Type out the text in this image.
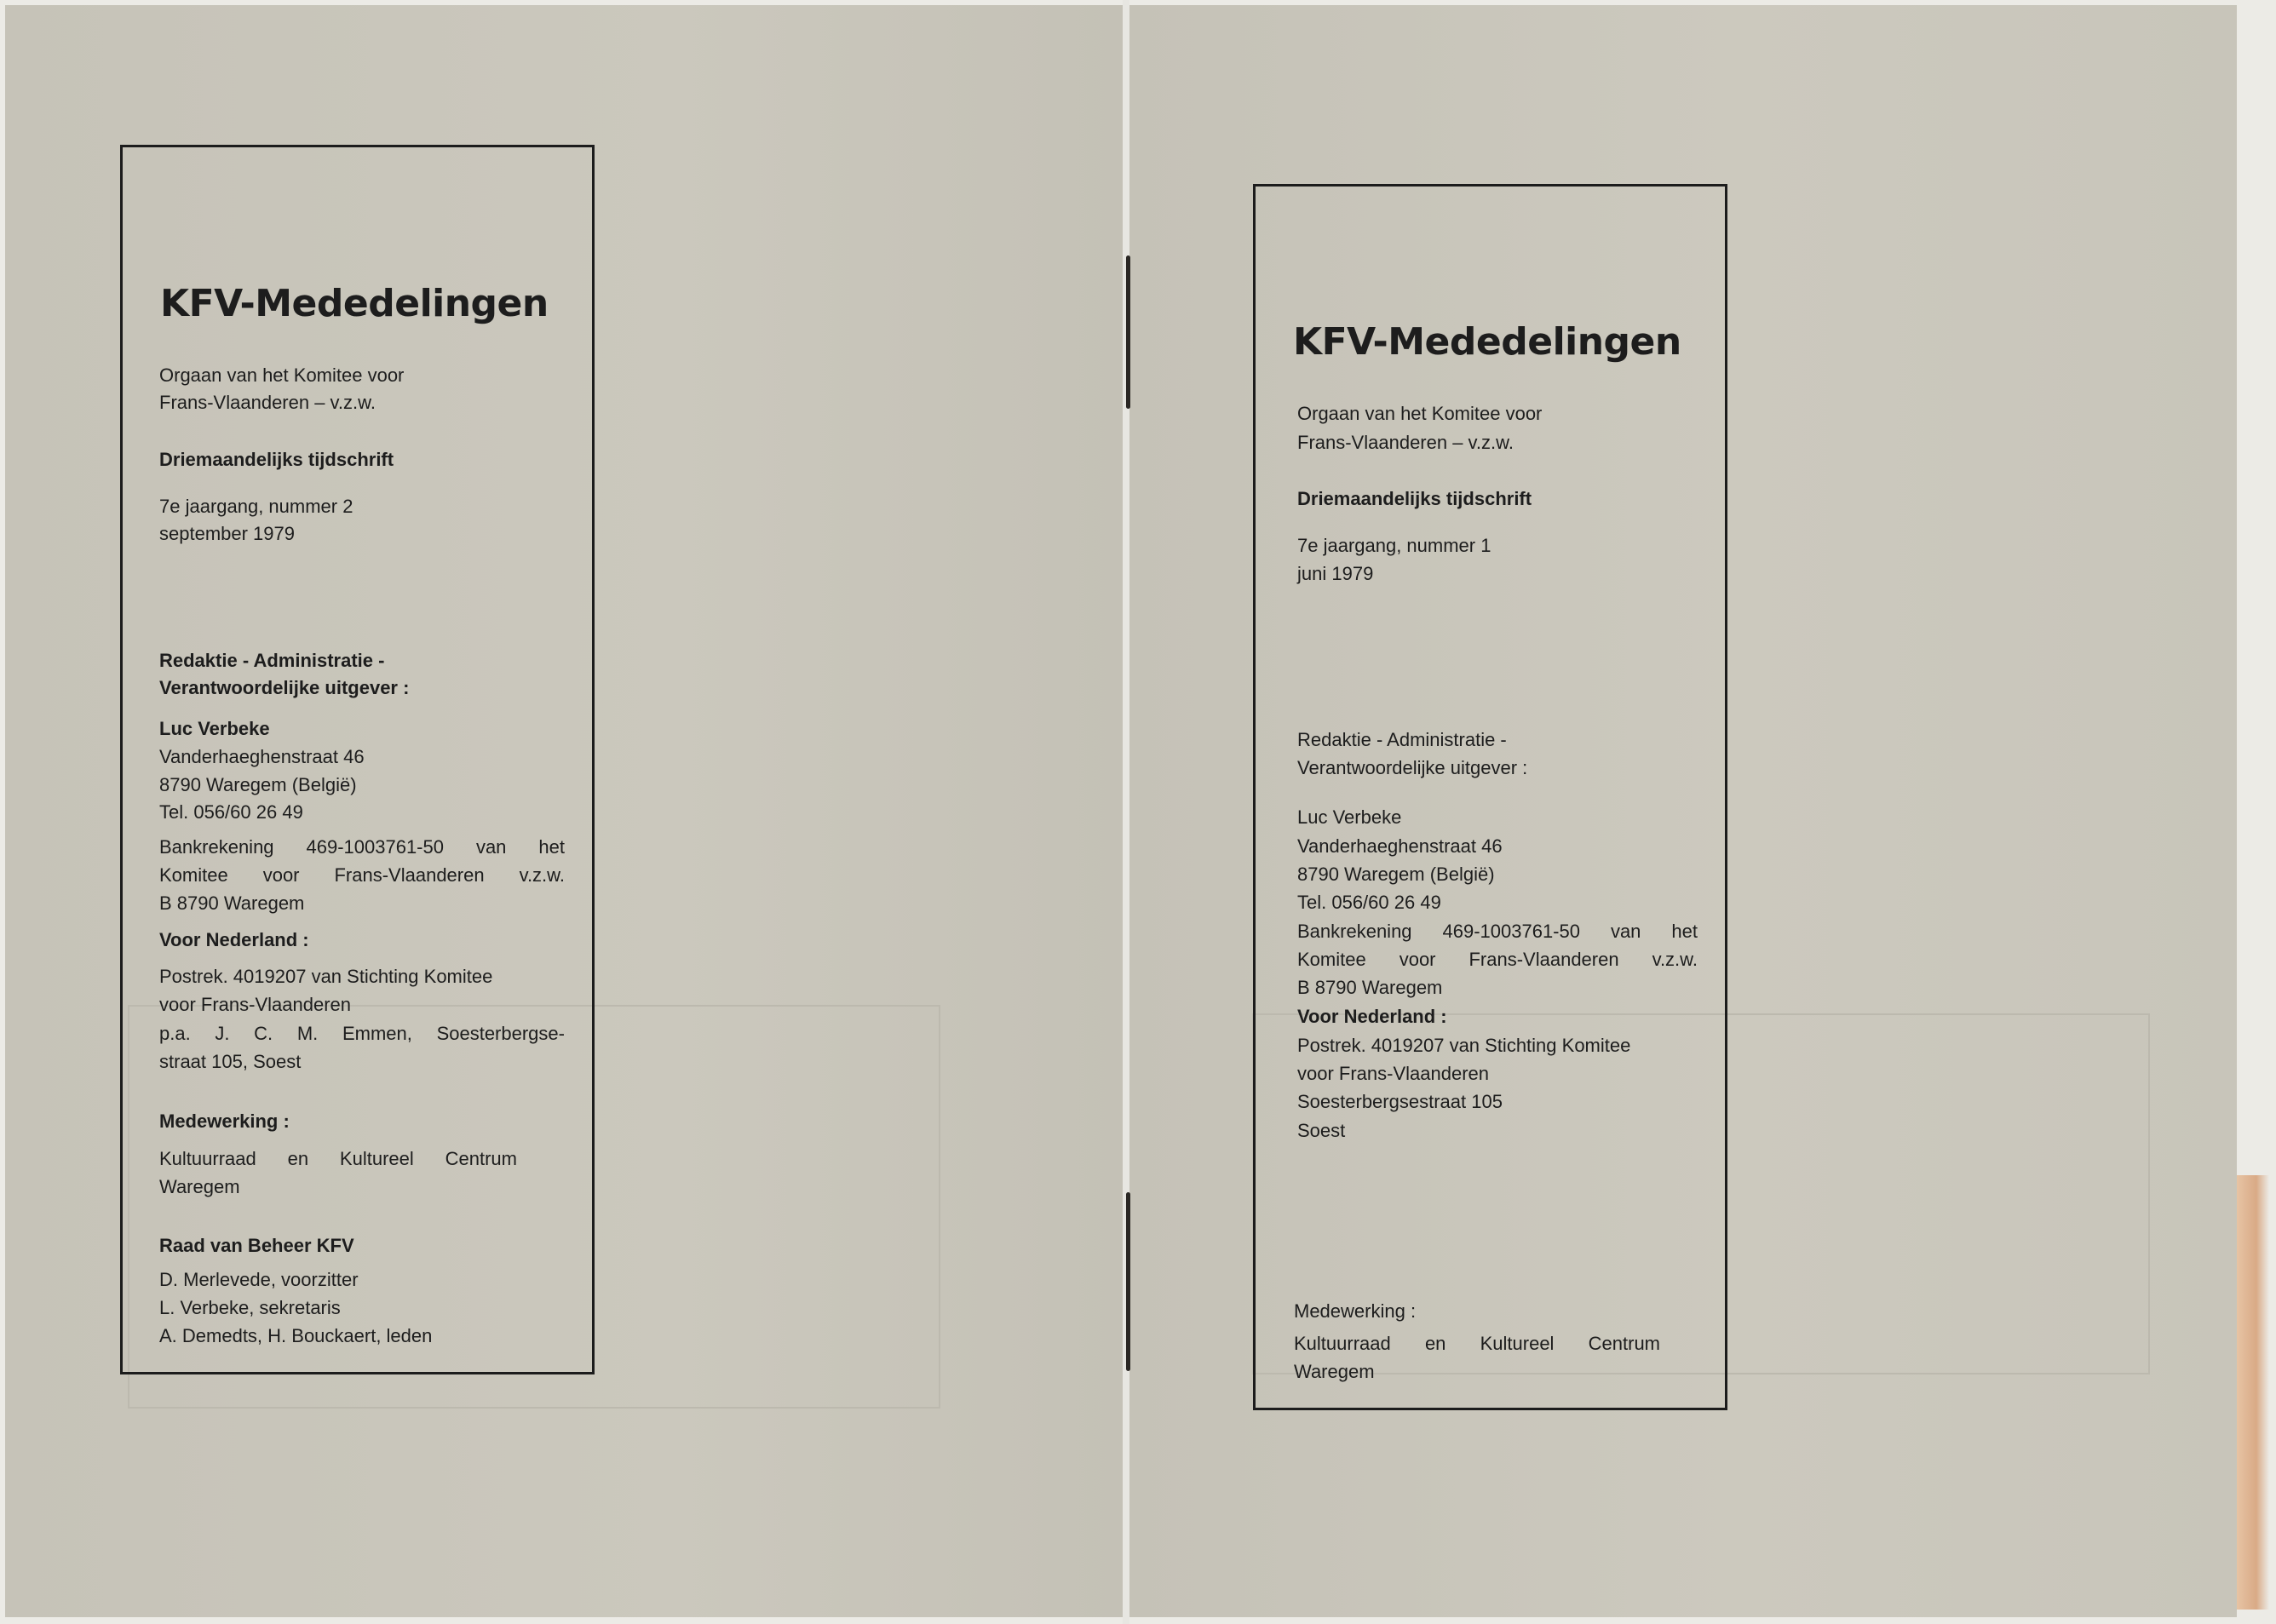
KFV-Mededelingen
Orgaan van het Komitee voor
Frans-Vlaanderen – v.z.w.
Driemaandelijks tijdschrift
7e jaargang, nummer 2
september 1979
Redaktie - Administratie -
Verantwoordelijke uitgever :
Luc Verbeke
Vanderhaeghenstraat 46
8790 Waregem (België)
Tel. 056/60 26 49
Bankrekening 469-1003761-50 van het
Komitee voor Frans-Vlaanderen v.z.w.
B 8790 Waregem
Voor Nederland :
Postrek. 4019207 van Stichting Komitee
voor Frans-Vlaanderen
p.a. J. C. M. Emmen, Soesterbergse-
straat 105, Soest
Medewerking :
Kultuurraad en Kultureel Centrum
Waregem
Raad van Beheer KFV
D. Merlevede, voorzitter
L. Verbeke, sekretaris
A. Demedts, H. Bouckaert, leden
KFV-Mededelingen
Orgaan van het Komitee voor
Frans-Vlaanderen – v.z.w.
Driemaandelijks tijdschrift
7e jaargang, nummer 1
juni 1979
Redaktie - Administratie -
Verantwoordelijke uitgever :
Luc Verbeke
Vanderhaeghenstraat 46
8790 Waregem (België)
Tel. 056/60 26 49
Bankrekening 469-1003761-50 van het
Komitee voor Frans-Vlaanderen v.z.w.
B 8790 Waregem
Voor Nederland :
Postrek. 4019207 van Stichting Komitee
voor Frans-Vlaanderen
Soesterbergsestraat 105
Soest
Medewerking :
Kultuurraad en Kultureel Centrum
Waregem
